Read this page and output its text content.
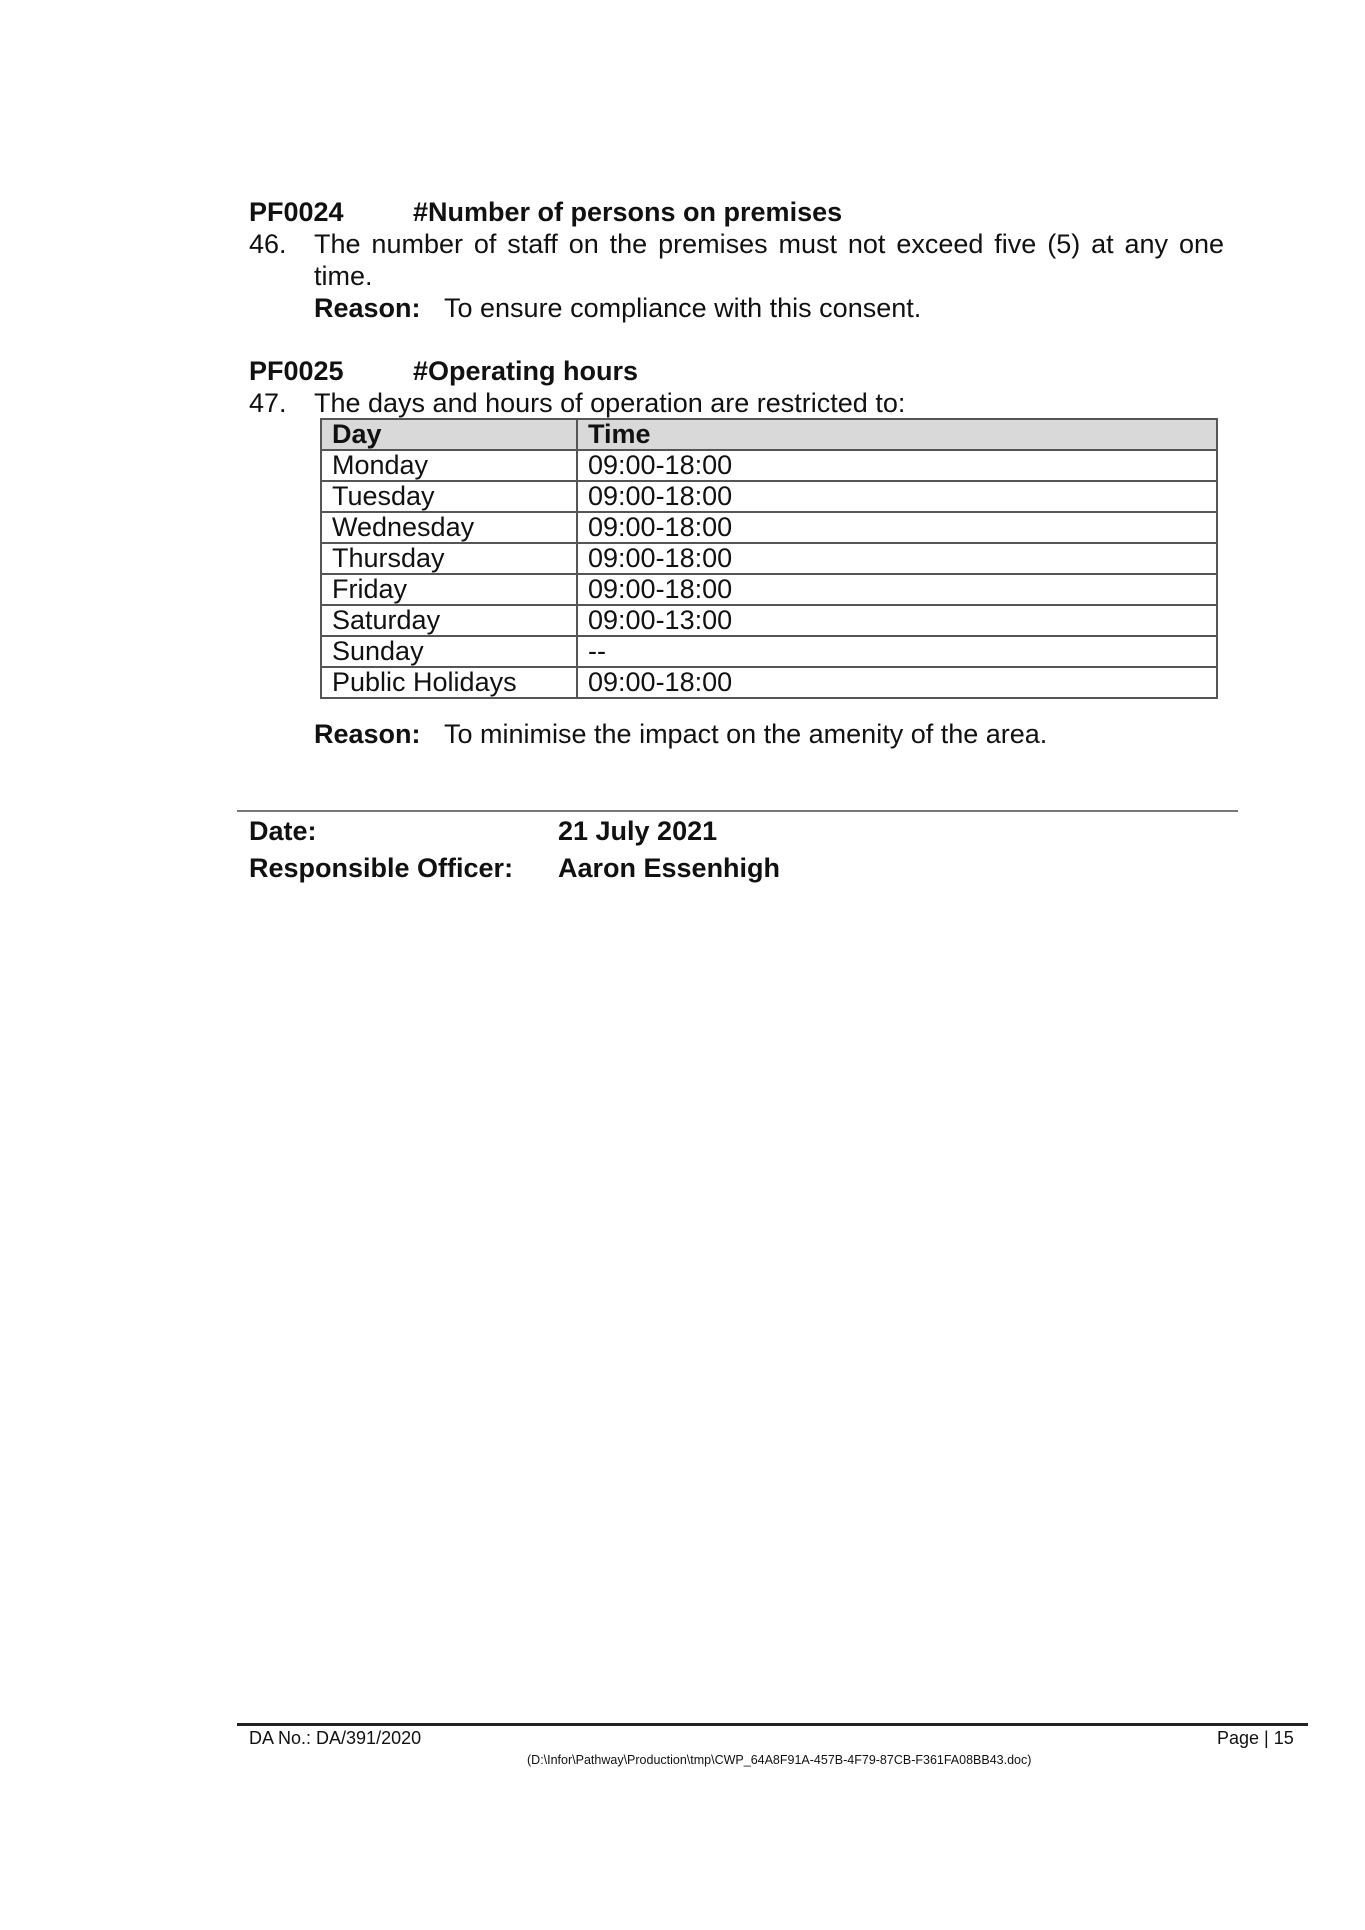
PF0024	#Number of persons on premises
46. The number of staff on the premises must not exceed five (5) at any one
time.
Reason: To ensure compliance with this consent.
PF0025	#Operating hours
47. The days and hours of operation are restricted to:
Day	Time
Monday	09:00-18:00
Tuesday	09:00-18:00
Wednesday	09:00-18:00
Thursday	09:00-18:00
Friday	09:00-18:00
Saturday	09:00-13:00
Sunday	--
Public Holidays	09:00-18:00
Reason: To minimise the impact on the amenity of the area.
Date:	21 July 2021
Responsible Officer: Aaron Essenhigh
DA No.: DA/391/2020	Page | 15
(D:\Infor\Pathway\Production\tmp\CWP_64A8F91A-457B-4F79-87CB-F361FA08BB43.doc)
